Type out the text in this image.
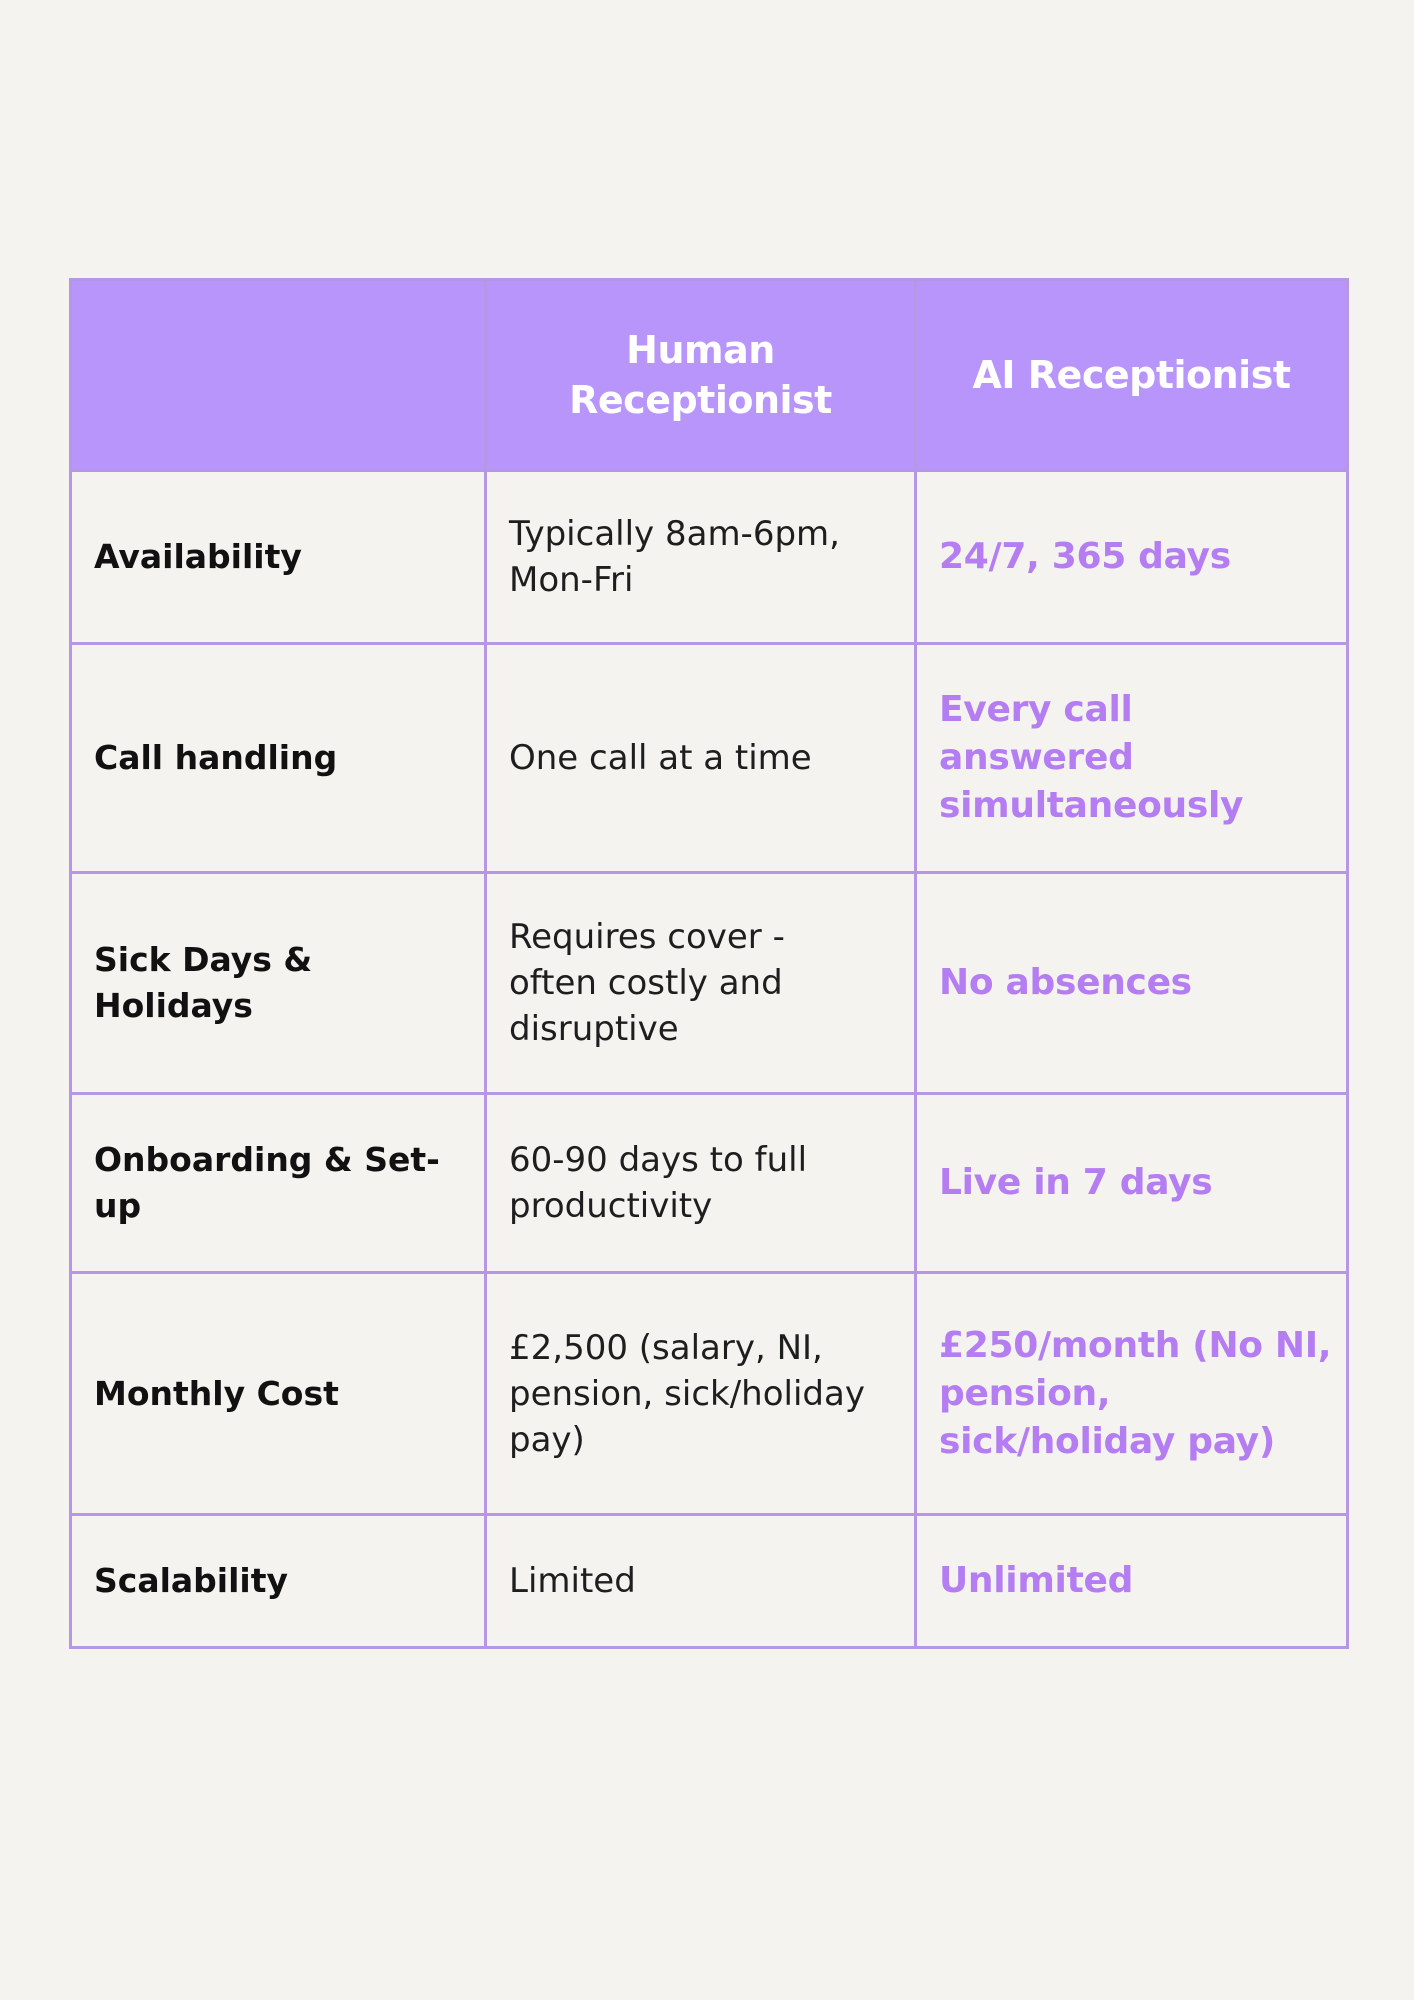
	Human Receptionist	AI Receptionist
Availability	Typically 8am-6pm, Mon-Fri	24/7, 365 days
Call handling	One call at a time	Every call answered simultaneously
Sick Days & Holidays	Requires cover - often costly and disruptive	No absences
Onboarding & Set-up	60-90 days to full productivity	Live in 7 days
Monthly Cost	£2,500 (salary, NI, pension, sick/holiday pay)	£250/month (No NI, pension, sick/holiday pay)
Scalability	Limited	Unlimited
